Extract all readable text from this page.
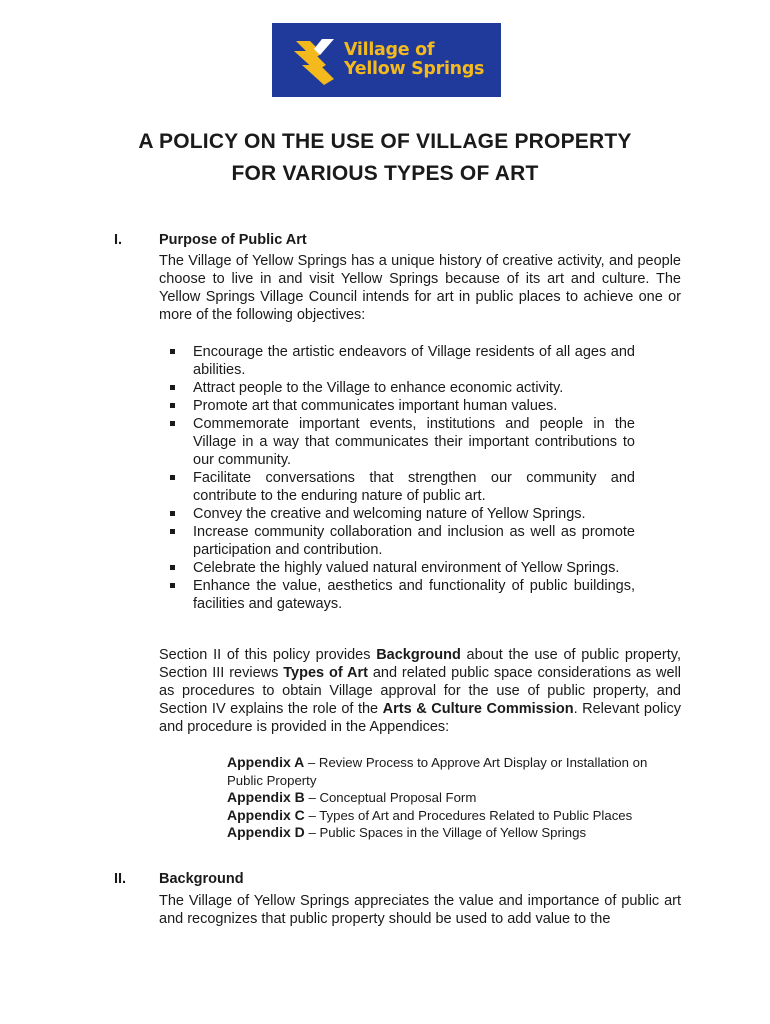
Village of
Yellow Springs
A POLICY ON THE USE OF VILLAGE PROPERTY
FOR VARIOUS TYPES OF ART
I.	Purpose of Public Art

The Village of Yellow Springs has a unique history of creative activity, and people choose to live in and visit Yellow Springs because of its art and culture. The Yellow Springs Village Council intends for art in public places to achieve one or more of the following objectives:

Encourage the artistic endeavors of Village residents of all ages and abilities.
Attract people to the Village to enhance economic activity.
Promote art that communicates important human values.
Commemorate important events, institutions and people in the Village in a way that communicates their important contributions to our community.
Facilitate conversations that strengthen our community and contribute to the enduring nature of public art.
Convey the creative and welcoming nature of Yellow Springs.
Increase community collaboration and inclusion as well as promote participation and contribution.
Celebrate the highly valued natural environment of Yellow Springs.
Enhance the value, aesthetics and functionality of public buildings, facilities and gateways.

Section II of this policy provides Background about the use of public property, Section III reviews Types of Art and related public space considerations as well as procedures to obtain Village approval for the use of public property, and Section IV explains the role of the Arts & Culture Commission. Relevant policy and procedure is provided in the Appendices:

Appendix A – Review Process to Approve Art Display or Installation on Public Property
Appendix B – Conceptual Proposal Form
Appendix C – Types of Art and Procedures Related to Public Places
Appendix D – Public Spaces in the Village of Yellow Springs
II. Background

The Village of Yellow Springs appreciates the value and importance of public art and recognizes that public property should be used to add value to the
